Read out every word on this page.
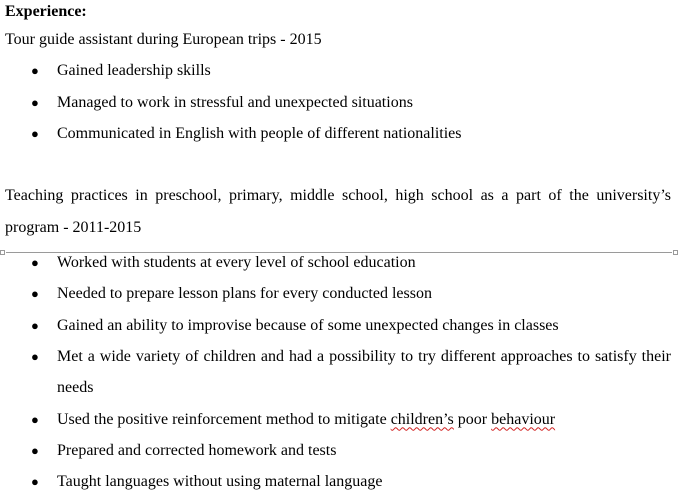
Experience:
Tour guide assistant during European trips - 2015
● Gained leadership skills
● Managed to work in stressful and unexpected situations
● Communicated in English with people of different nationalities
Teaching practices in preschool, primary, middle school, high school as a part of the university’s program - 2011-2015
● Worked with students at every level of school education
● Needed to prepare lesson plans for every conducted lesson
● Gained an ability to improvise because of some unexpected changes in classes
● Met a wide variety of children and had a possibility to try different approaches to satisfy their needs
● Used the positive reinforcement method to mitigate children’s poor behaviour
● Prepared and corrected homework and tests
● Taught languages without using maternal language
